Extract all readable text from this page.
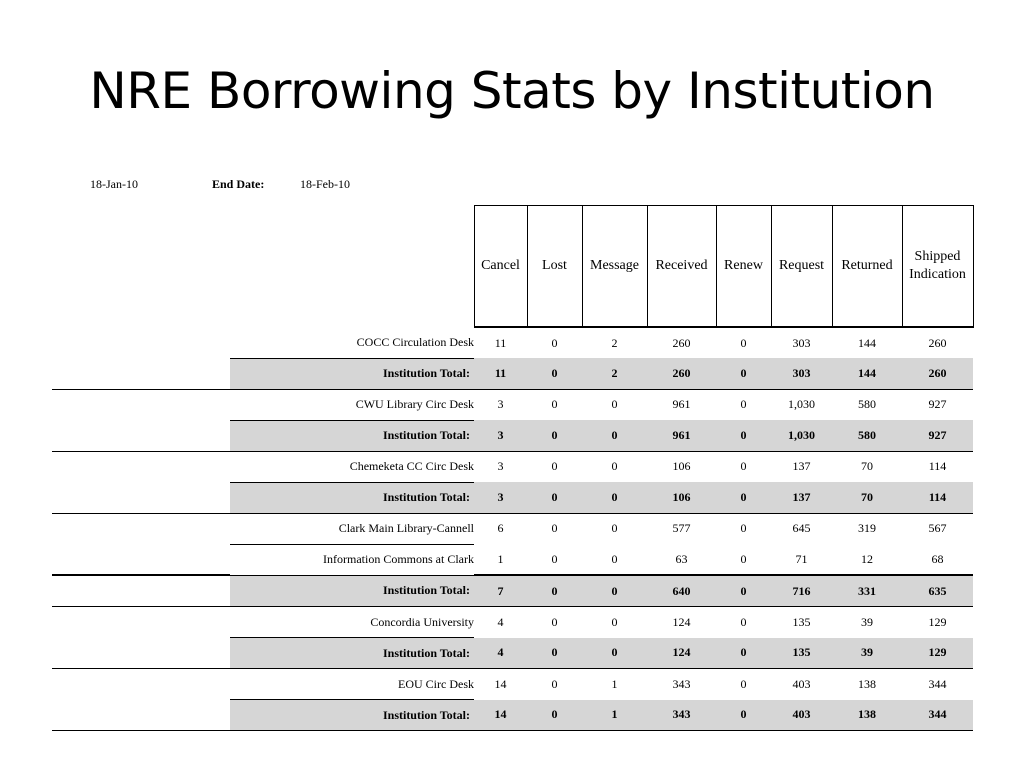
NRE Borrowing Stats by Institution
18-Jan-10	End Date:	18-Feb-10
		Cancel	Lost	Message	Received	Renew	Request	Returned	Shipped Indication
	COCC Circulation Desk	11	0	2	260	0	303	144	260
	Institution Total:	11	0	2	260	0	303	144	260
	CWU Library Circ Desk	3	0	0	961	0	1,030	580	927
	Institution Total:	3	0	0	961	0	1,030	580	927
	Chemeketa CC Circ Desk	3	0	0	106	0	137	70	114
	Institution Total:	3	0	0	106	0	137	70	114
	Clark Main Library-Cannell	6	0	0	577	0	645	319	567
	Information Commons at Clark	1	0	0	63	0	71	12	68
	Institution Total:	7	0	0	640	0	716	331	635
	Concordia University	4	0	0	124	0	135	39	129
	Institution Total:	4	0	0	124	0	135	39	129
	EOU Circ Desk	14	0	1	343	0	403	138	344
	Institution Total:	14	0	1	343	0	403	138	344
